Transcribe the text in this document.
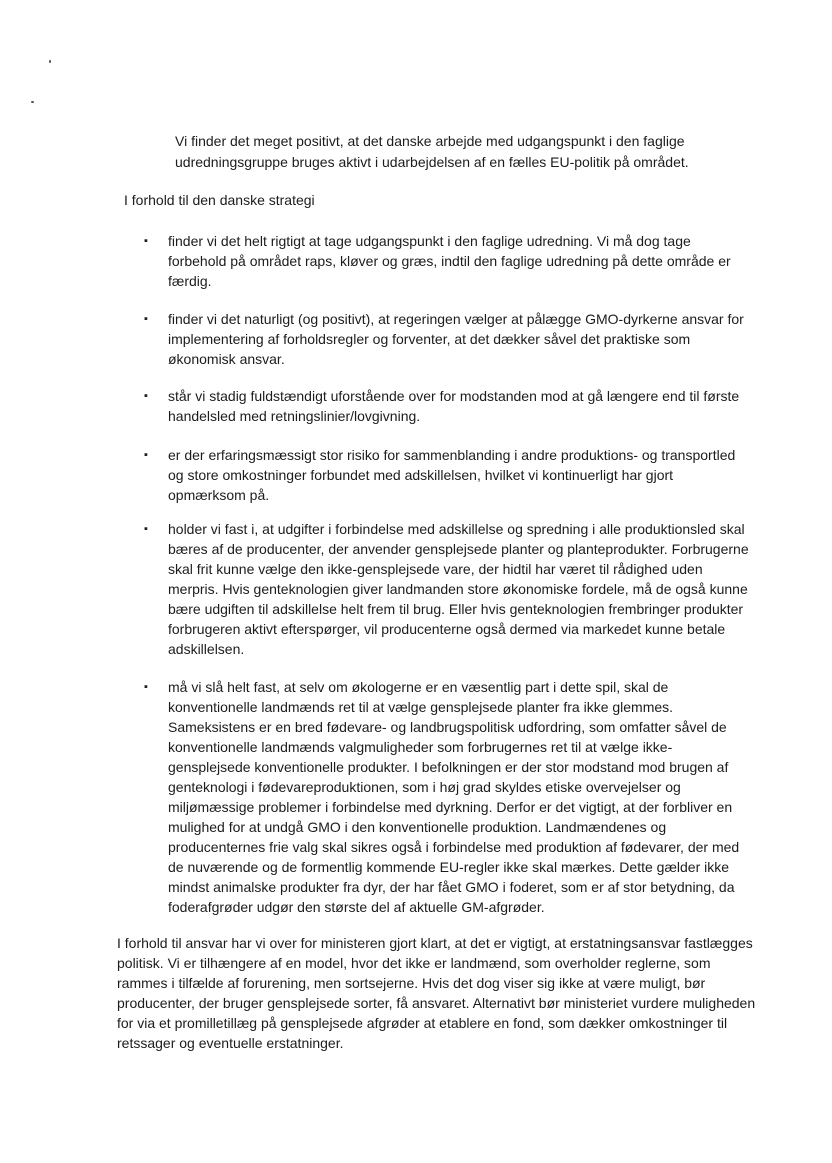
Vi finder det meget positivt, at det danske arbejde med udgangspunkt i den faglige udredningsgruppe bruges aktivt i udarbejdelsen af en fælles EU-politik på området.

I forhold til den danske strategi

▪ finder vi det helt rigtigt at tage udgangspunkt i den faglige udredning. Vi må dog tage forbehold på området raps, kløver og græs, indtil den faglige udredning på dette område er færdig.

▪ finder vi det naturligt (og positivt), at regeringen vælger at pålægge GMO-dyrkerne ansvar for implementering af forholdsregler og forventer, at det dækker såvel det praktiske som økonomisk ansvar.

▪ står vi stadig fuldstændigt uforstående over for modstanden mod at gå længere end til første handelsled med retningslinier/lovgivning.

▪ er der erfaringsmæssigt stor risiko for sammenblanding i andre produktions- og transportled og store omkostninger forbundet med adskillelsen, hvilket vi kontinuerligt har gjort opmærksom på.

▪ holder vi fast i, at udgifter i forbindelse med adskillelse og spredning i alle produktionsled skal bæres af de producenter, der anvender gensplejsede planter og planteprodukter. Forbrugerne skal frit kunne vælge den ikke-gensplejsede vare, der hidtil har været til rådighed uden merpris. Hvis genteknologien giver landmanden store økonomiske fordele, må de også kunne bære udgiften til adskillelse helt frem til brug. Eller hvis genteknologien frembringer produkter forbrugeren aktivt efterspørger, vil producenterne også dermed via markedet kunne betale adskillelsen.

▪ må vi slå helt fast, at selv om økologerne er en væsentlig part i dette spil, skal de konventionelle landmænds ret til at vælge gensplejsede planter fra ikke glemmes. Sameksistens er en bred fødevare- og landbrugspolitisk udfordring, som omfatter såvel de konventionelle landmænds valgmuligheder som forbrugernes ret til at vælge ikke-gensplejsede konventionelle produkter. I befolkningen er der stor modstand mod brugen af genteknologi i fødevareproduktionen, som i høj grad skyldes etiske overvejelser og miljømæssige problemer i forbindelse med dyrkning. Derfor er det vigtigt, at der forbliver en mulighed for at undgå GMO i den konventionelle produktion. Landmændenes og producenternes frie valg skal sikres også i forbindelse med produktion af fødevarer, der med de nuværende og de formentlig kommende EU-regler ikke skal mærkes. Dette gælder ikke mindst animalske produkter fra dyr, der har fået GMO i foderet, som er af stor betydning, da foderafgrøder udgør den største del af aktuelle GM-afgrøder.

I forhold til ansvar har vi over for ministeren gjort klart, at det er vigtigt, at erstatningsansvar fastlægges politisk. Vi er tilhængere af en model, hvor det ikke er landmænd, som overholder reglerne, som rammes i tilfælde af forurening, men sortsejerne. Hvis det dog viser sig ikke at være muligt, bør producenter, der bruger gensplejsede sorter, få ansvaret. Alternativt bør ministeriet vurdere muligheden for via et promilletillæg på gensplejsede afgrøder at etablere en fond, som dækker omkostninger til retssager og eventuelle erstatninger.
